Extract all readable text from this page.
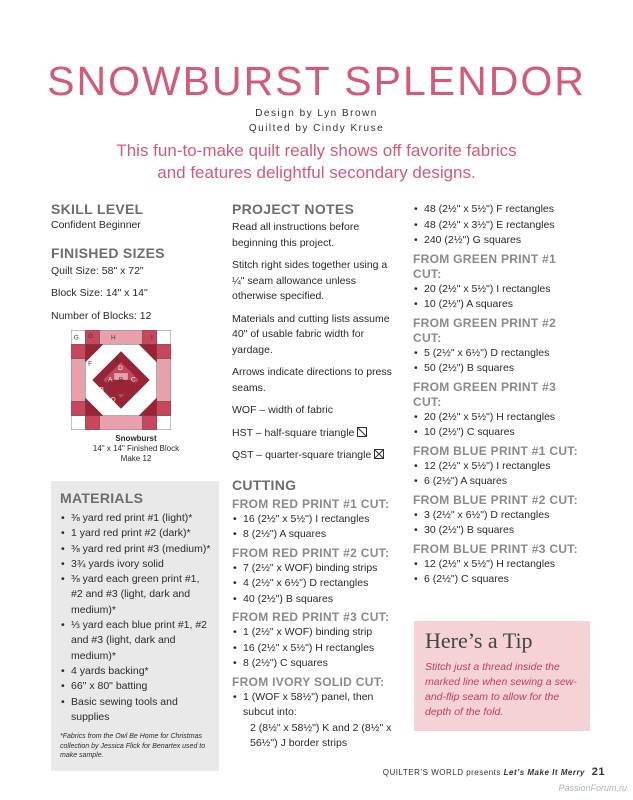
SNOWBURST SPLENDOR
Design by Lyn Brown
Quilted by Cindy Kruse
This fun-to-make quilt really shows off favorite fabrics
and features delightful secondary designs.
SKILL LEVEL
Confident Beginner
FINISHED SIZES
Quilt Size: 58" x 72"
Block Size: 14" x 14"
Number of Blocks: 12
G G H	I
F
E
D
A B C
B
D
Snowburst
14" x 14" Finished Block
Make 12
MATERIALS
• ⅜ yard red print #1 (light)*
• 1 yard red print #2 (dark)*
• ⅜ yard red print #3 (medium)*
• 3¾ yards ivory solid
• ⅜ yard each green print #1, #2 and #3 (light, dark and medium)*
• ⅓ yard each blue print #1, #2 and #3 (light, dark and medium)*
• 4 yards backing*
• 66" x 80" batting
• Basic sewing tools and supplies
*Fabrics from the Owl Be Home for Christmas collection by Jessica Flick for Benartex used to make sample.
PROJECT NOTES
Read all instructions before beginning this project.
Stitch right sides together using a ¼" seam allowance unless otherwise specified.
Materials and cutting lists assume 40" of usable fabric width for yardage.
Arrows indicate directions to press seams.
WOF – width of fabric
HST – half-square triangle
QST – quarter-square triangle
CUTTING
FROM RED PRINT #1 CUT:
• 16 (2½" x 5½") I rectangles
• 8 (2½") A squares
FROM RED PRINT #2 CUT:
• 7 (2½" x WOF) binding strips
• 4 (2½" x 6½") D rectangles
• 40 (2½") B squares
FROM RED PRINT #3 CUT:
• 1 (2½" x WOF) binding strip
• 16 (2½" x 5½") H rectangles
• 8 (2½") C squares
FROM IVORY SOLID CUT:
• 1 (WOF x 58½") panel, then subcut into:
2 (8½" x 58½") K and 2 (8½" x 56½") J border strips
• 48 (2½" x 5½") F rectangles
• 48 (2½" x 3½") E rectangles
• 240 (2½") G squares
FROM GREEN PRINT #1 CUT:
• 20 (2½" x 5½") I rectangles
• 10 (2½") A squares
FROM GREEN PRINT #2 CUT:
• 5 (2½" x 6½") D rectangles
• 50 (2½") B squares
FROM GREEN PRINT #3 CUT:
• 20 (2½" x 5½") H rectangles
• 10 (2½") C squares
FROM BLUE PRINT #1 CUT:
• 12 (2½" x 5½") I rectangles
• 6 (2½") A squares
FROM BLUE PRINT #2 CUT:
• 3 (2½" x 6½") D rectangles
• 30 (2½") B squares
FROM BLUE PRINT #3 CUT:
• 12 (2½" x 5½") H rectangles
• 6 (2½") C squares
Here’s a Tip
Stitch just a thread inside the marked line when sewing a sew-and-flip seam to allow for the depth of the fold.
QUILTER’S WORLD presents Let’s Make It Merry 21
PassionForum.ru
